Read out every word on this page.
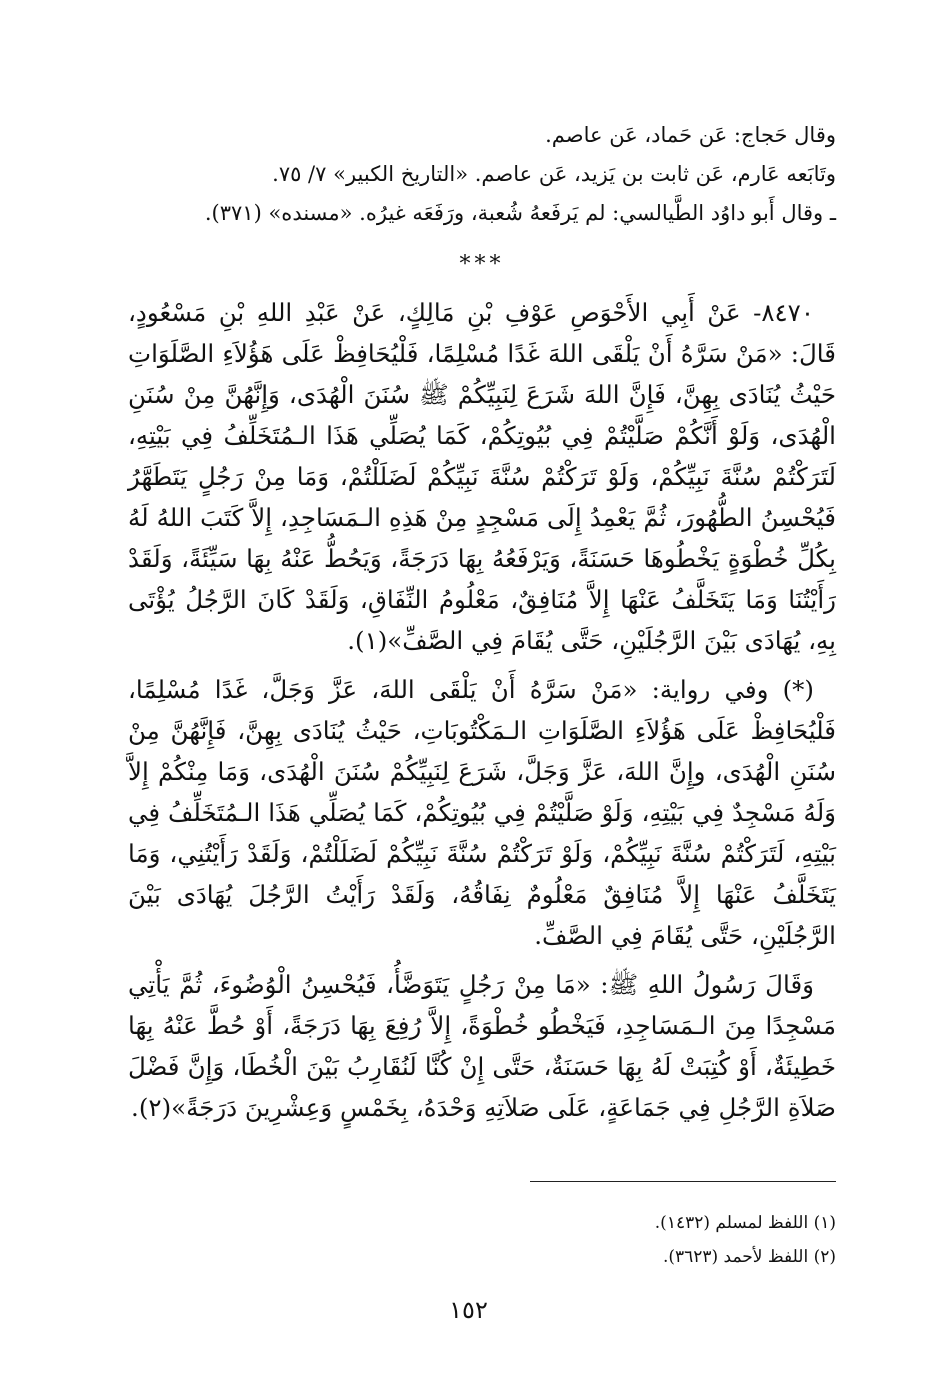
وقال حَجاج: عَن حَماد، عَن عاصم.

وتَابَعه عَارم، عَن ثابت بن يَزيد، عَن عاصم. «التاريخ الكبير» ٧/ ٧٥.

ـ وقال أَبو داوُد الطَّيالسي: لم يَرفَعهُ شُعبة، ورَفَعَه غيرُه. «مسنده» (٣٧١).

***

٨٤٧٠- عَنْ أَبِي الأَحْوَصِ عَوْفِ بْنِ مَالِكٍ، عَنْ عَبْدِ اللهِ بْنِ مَسْعُودٍ، قَالَ: «مَنْ سَرَّهُ أَنْ يَلْقَى اللهَ غَدًا مُسْلِمًا، فَلْيُحَافِظْ عَلَى هَؤُلاَءِ الصَّلَوَاتِ حَيْثُ يُنَادَى بِهِنَّ، فَإِنَّ اللهَ شَرَعَ لِنَبِيِّكُمْ ﷺ سُنَنَ الْهُدَى، وَإِنَّهُنَّ مِنْ سُنَنِ الْهُدَى، وَلَوْ أَنَّكُمْ صَلَّيْتُمْ فِي بُيُوتِكُمْ، كَمَا يُصَلِّي هَذَا الـمُتَخَلِّفُ فِي بَيْتِهِ، لَتَرَكْتُمْ سُنَّةَ نَبِيِّكُمْ، وَلَوْ تَرَكْتُمْ سُنَّةَ نَبِيِّكُمْ لَضَلَلْتُمْ، وَمَا مِنْ رَجُلٍ يَتَطَهَّرُ فَيُحْسِنُ الطُّهُورَ، ثُمَّ يَعْمِدُ إِلَى مَسْجِدٍ مِنْ هَذِهِ الـمَسَاجِدِ، إِلاَّ كَتَبَ اللهُ لَهُ بِكُلِّ خُطْوَةٍ يَخْطُوهَا حَسَنَةً، وَيَرْفَعُهُ بِهَا دَرَجَةً، وَيَحُطُّ عَنْهُ بِهَا سَيِّئَةً، وَلَقَدْ رَأَيْتُنَا وَمَا يَتَخَلَّفُ عَنْهَا إِلاَّ مُنَافِقٌ، مَعْلُومُ النِّفَاقِ، وَلَقَدْ كَانَ الرَّجُلُ يُؤْتَى بِهِ، يُهَادَى بَيْنَ الرَّجُلَيْنِ، حَتَّى يُقَامَ فِي الصَّفِّ»(١).

(*) وفي رواية: «مَنْ سَرَّهُ أَنْ يَلْقَى اللهَ، عَزَّ وَجَلَّ، غَدًا مُسْلِمًا، فَلْيُحَافِظْ عَلَى هَؤُلاَءِ الصَّلَوَاتِ الـمَكْتُوبَاتِ، حَيْثُ يُنَادَى بِهِنَّ، فَإِنَّهُنَّ مِنْ سُنَنِ الْهُدَى، وإِنَّ اللهَ، عَزَّ وَجَلَّ، شَرَعَ لِنَبِيِّكُمْ سُنَنَ الْهُدَى، وَمَا مِنْكُمْ إِلاَّ وَلَهُ مَسْجِدٌ فِي بَيْتِهِ، وَلَوْ صَلَّيْتُمْ فِي بُيُوتِكُمْ، كَمَا يُصَلِّي هَذَا الـمُتَخَلِّفُ فِي بَيْتِهِ، لَتَرَكْتُمْ سُنَّةَ نَبِيِّكُمْ، وَلَوْ تَرَكْتُمْ سُنَّةَ نَبِيِّكُمْ لَضَلَلْتُمْ، وَلَقَدْ رَأَيْتُنِي، وَمَا يَتَخَلَّفُ عَنْهَا إِلاَّ مُنَافِقٌ مَعْلُومٌ نِفَاقُهُ، وَلَقَدْ رَأَيْتُ الرَّجُلَ يُهَادَى بَيْنَ الرَّجُلَيْنِ، حَتَّى يُقَامَ فِي الصَّفِّ.

وَقَالَ رَسُولُ اللهِ ﷺ: «مَا مِنْ رَجُلٍ يَتَوَضَّأُ، فَيُحْسِنُ الْوُضُوءَ، ثُمَّ يَأْتِي مَسْجِدًا مِنَ الـمَسَاجِدِ، فَيَخْطُو خُطْوَةً، إِلاَّ رُفِعَ بِهَا دَرَجَةً، أَوْ حُطَّ عَنْهُ بِهَا خَطِيئَةٌ، أَوْ كُتِبَتْ لَهُ بِهَا حَسَنَةٌ، حَتَّى إِنْ كُنَّا لَنُقَارِبُ بَيْنَ الْخُطَا، وَإِنَّ فَضْلَ صَلاَةِ الرَّجُلِ فِي جَمَاعَةٍ، عَلَى صَلاَتِهِ وَحْدَهُ، بِخَمْسٍ وَعِشْرِينَ دَرَجَةً»(٢).

(١) اللفظ لمسلم (١٤٣٢).

(٢) اللفظ لأحمد (٣٦٢٣).

١٥٢
